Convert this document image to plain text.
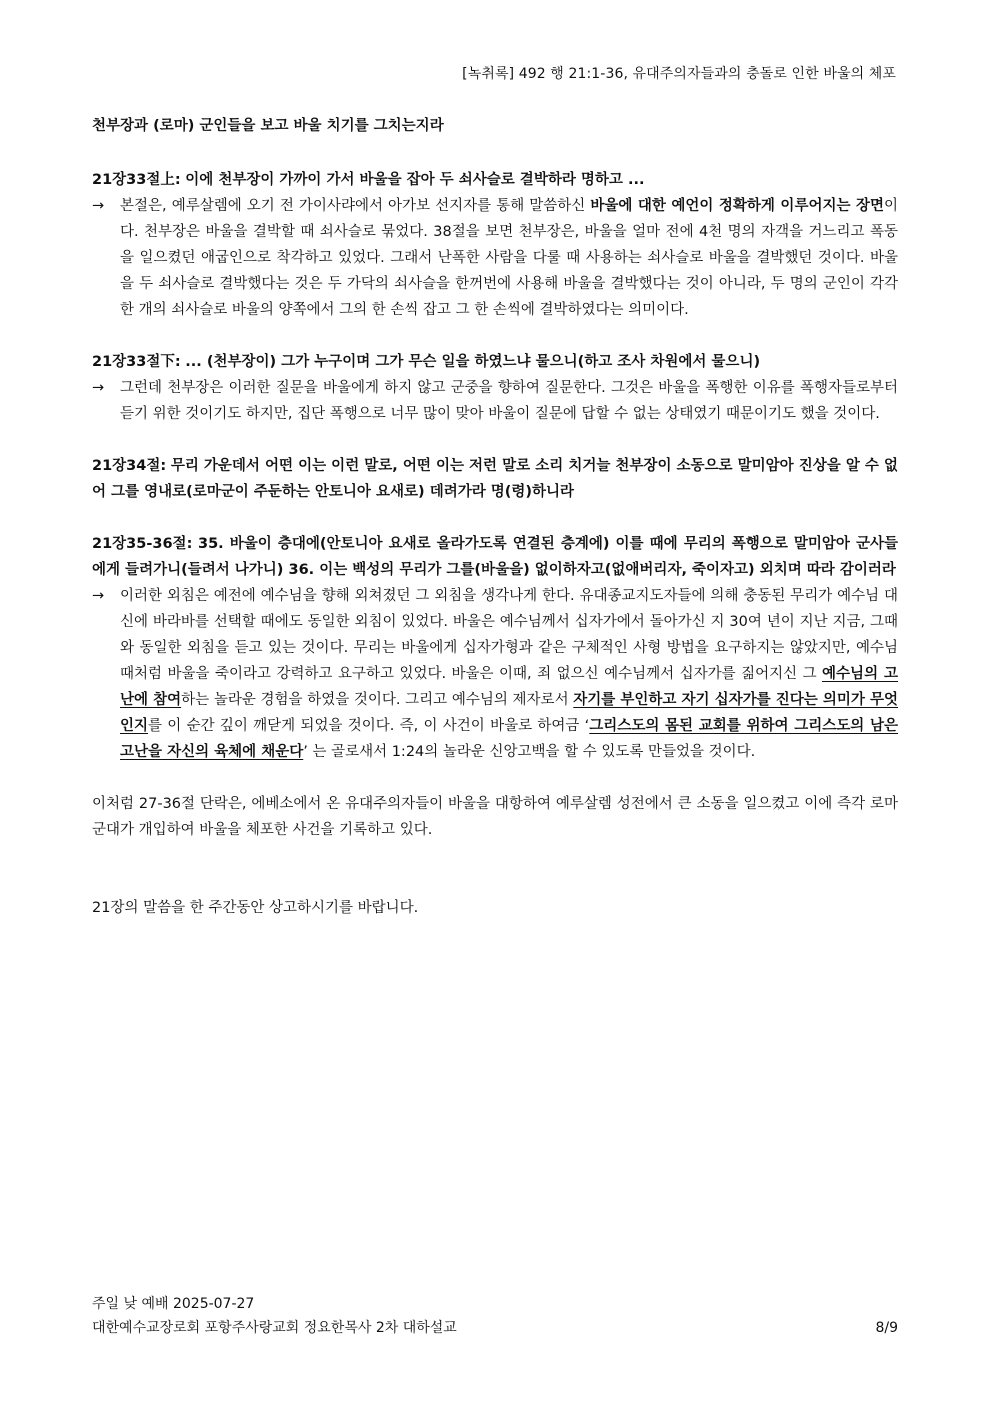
[녹취록] 492 행 21:1-36, 유대주의자들과의 충돌로 인한 바울의 체포
천부장과 (로마) 군인들을 보고 바울 치기를 그치는지라
21장33절上: 이에 천부장이 가까이 가서 바울을 잡아 두 쇠사슬로 결박하라 명하고 ...
→ 본절은, 예루살렘에 오기 전 가이사랴에서 아가보 선지자를 통해 말씀하신 바울에 대한 예언이 정확하게 이루어지는 장면이다. 천부장은 바울을 결박할 때 쇠사슬로 묶었다. 38절을 보면 천부장은, 바울을 얼마 전에 4천 명의 자객을 거느리고 폭동을 일으켰던 애굽인으로 착각하고 있었다. 그래서 난폭한 사람을 다룰 때 사용하는 쇠사슬로 바울을 결박했던 것이다. 바울을 두 쇠사슬로 결박했다는 것은 두 가닥의 쇠사슬을 한꺼번에 사용해 바울을 결박했다는 것이 아니라, 두 명의 군인이 각각 한 개의 쇠사슬로 바울의 양쪽에서 그의 한 손씩 잡고 그 한 손씩에 결박하였다는 의미이다.
21장33절下: ... (천부장이) 그가 누구이며 그가 무슨 일을 하였느냐 물으니(하고 조사 차원에서 물으니)
→ 그런데 천부장은 이러한 질문을 바울에게 하지 않고 군중을 향하여 질문한다. 그것은 바울을 폭행한 이유를 폭행자들로부터 듣기 위한 것이기도 하지만, 집단 폭행으로 너무 많이 맞아 바울이 질문에 답할 수 없는 상태였기 때문이기도 했을 것이다.
21장34절: 무리 가운데서 어떤 이는 이런 말로, 어떤 이는 저런 말로 소리 치거늘 천부장이 소동으로 말미암아 진상을 알 수 없어 그를 영내로(로마군이 주둔하는 안토니아 요새로) 데려가라 명(령)하니라
21장35-36절: 35. 바울이 층대에(안토니아 요새로 올라가도록 연결된 층계에) 이를 때에 무리의 폭행으로 말미암아 군사들에게 들려가니(들려서 나가니) 36. 이는 백성의 무리가 그를(바울을) 없이하자고(없애버리자, 죽이자고) 외치며 따라 감이러라
→ 이러한 외침은 예전에 예수님을 향해 외쳐졌던 그 외침을 생각나게 한다. 유대종교지도자들에 의해 충동된 무리가 예수님 대신에 바라바를 선택할 때에도 동일한 외침이 있었다. 바울은 예수님께서 십자가에서 돌아가신 지 30여 년이 지난 지금, 그때와 동일한 외침을 듣고 있는 것이다. 무리는 바울에게 십자가형과 같은 구체적인 사형 방법을 요구하지는 않았지만, 예수님 때처럼 바울을 죽이라고 강력하고 요구하고 있었다. 바울은 이때, 죄 없으신 예수님께서 십자가를 짊어지신 그 예수님의 고난에 참여하는 놀라운 경험을 하였을 것이다. 그리고 예수님의 제자로서 자기를 부인하고 자기 십자가를 진다는 의미가 무엇인지를 이 순간 깊이 깨닫게 되었을 것이다. 즉, 이 사건이 바울로 하여금 ‘그리스도의 몸된 교회를 위하여 그리스도의 남은 고난을 자신의 육체에 채운다’ 는 골로새서 1:24의 놀라운 신앙고백을 할 수 있도록 만들었을 것이다.
이처럼 27-36절 단락은, 에베소에서 온 유대주의자들이 바울을 대항하여 예루살렘 성전에서 큰 소동을 일으켰고 이에 즉각 로마 군대가 개입하여 바울을 체포한 사건을 기록하고 있다.
21장의 말씀을 한 주간동안 상고하시기를 바랍니다.
주일 낮 예배 2025-07-27
대한예수교장로회 포항주사랑교회 정요한목사 2차 대하설교	8/9
